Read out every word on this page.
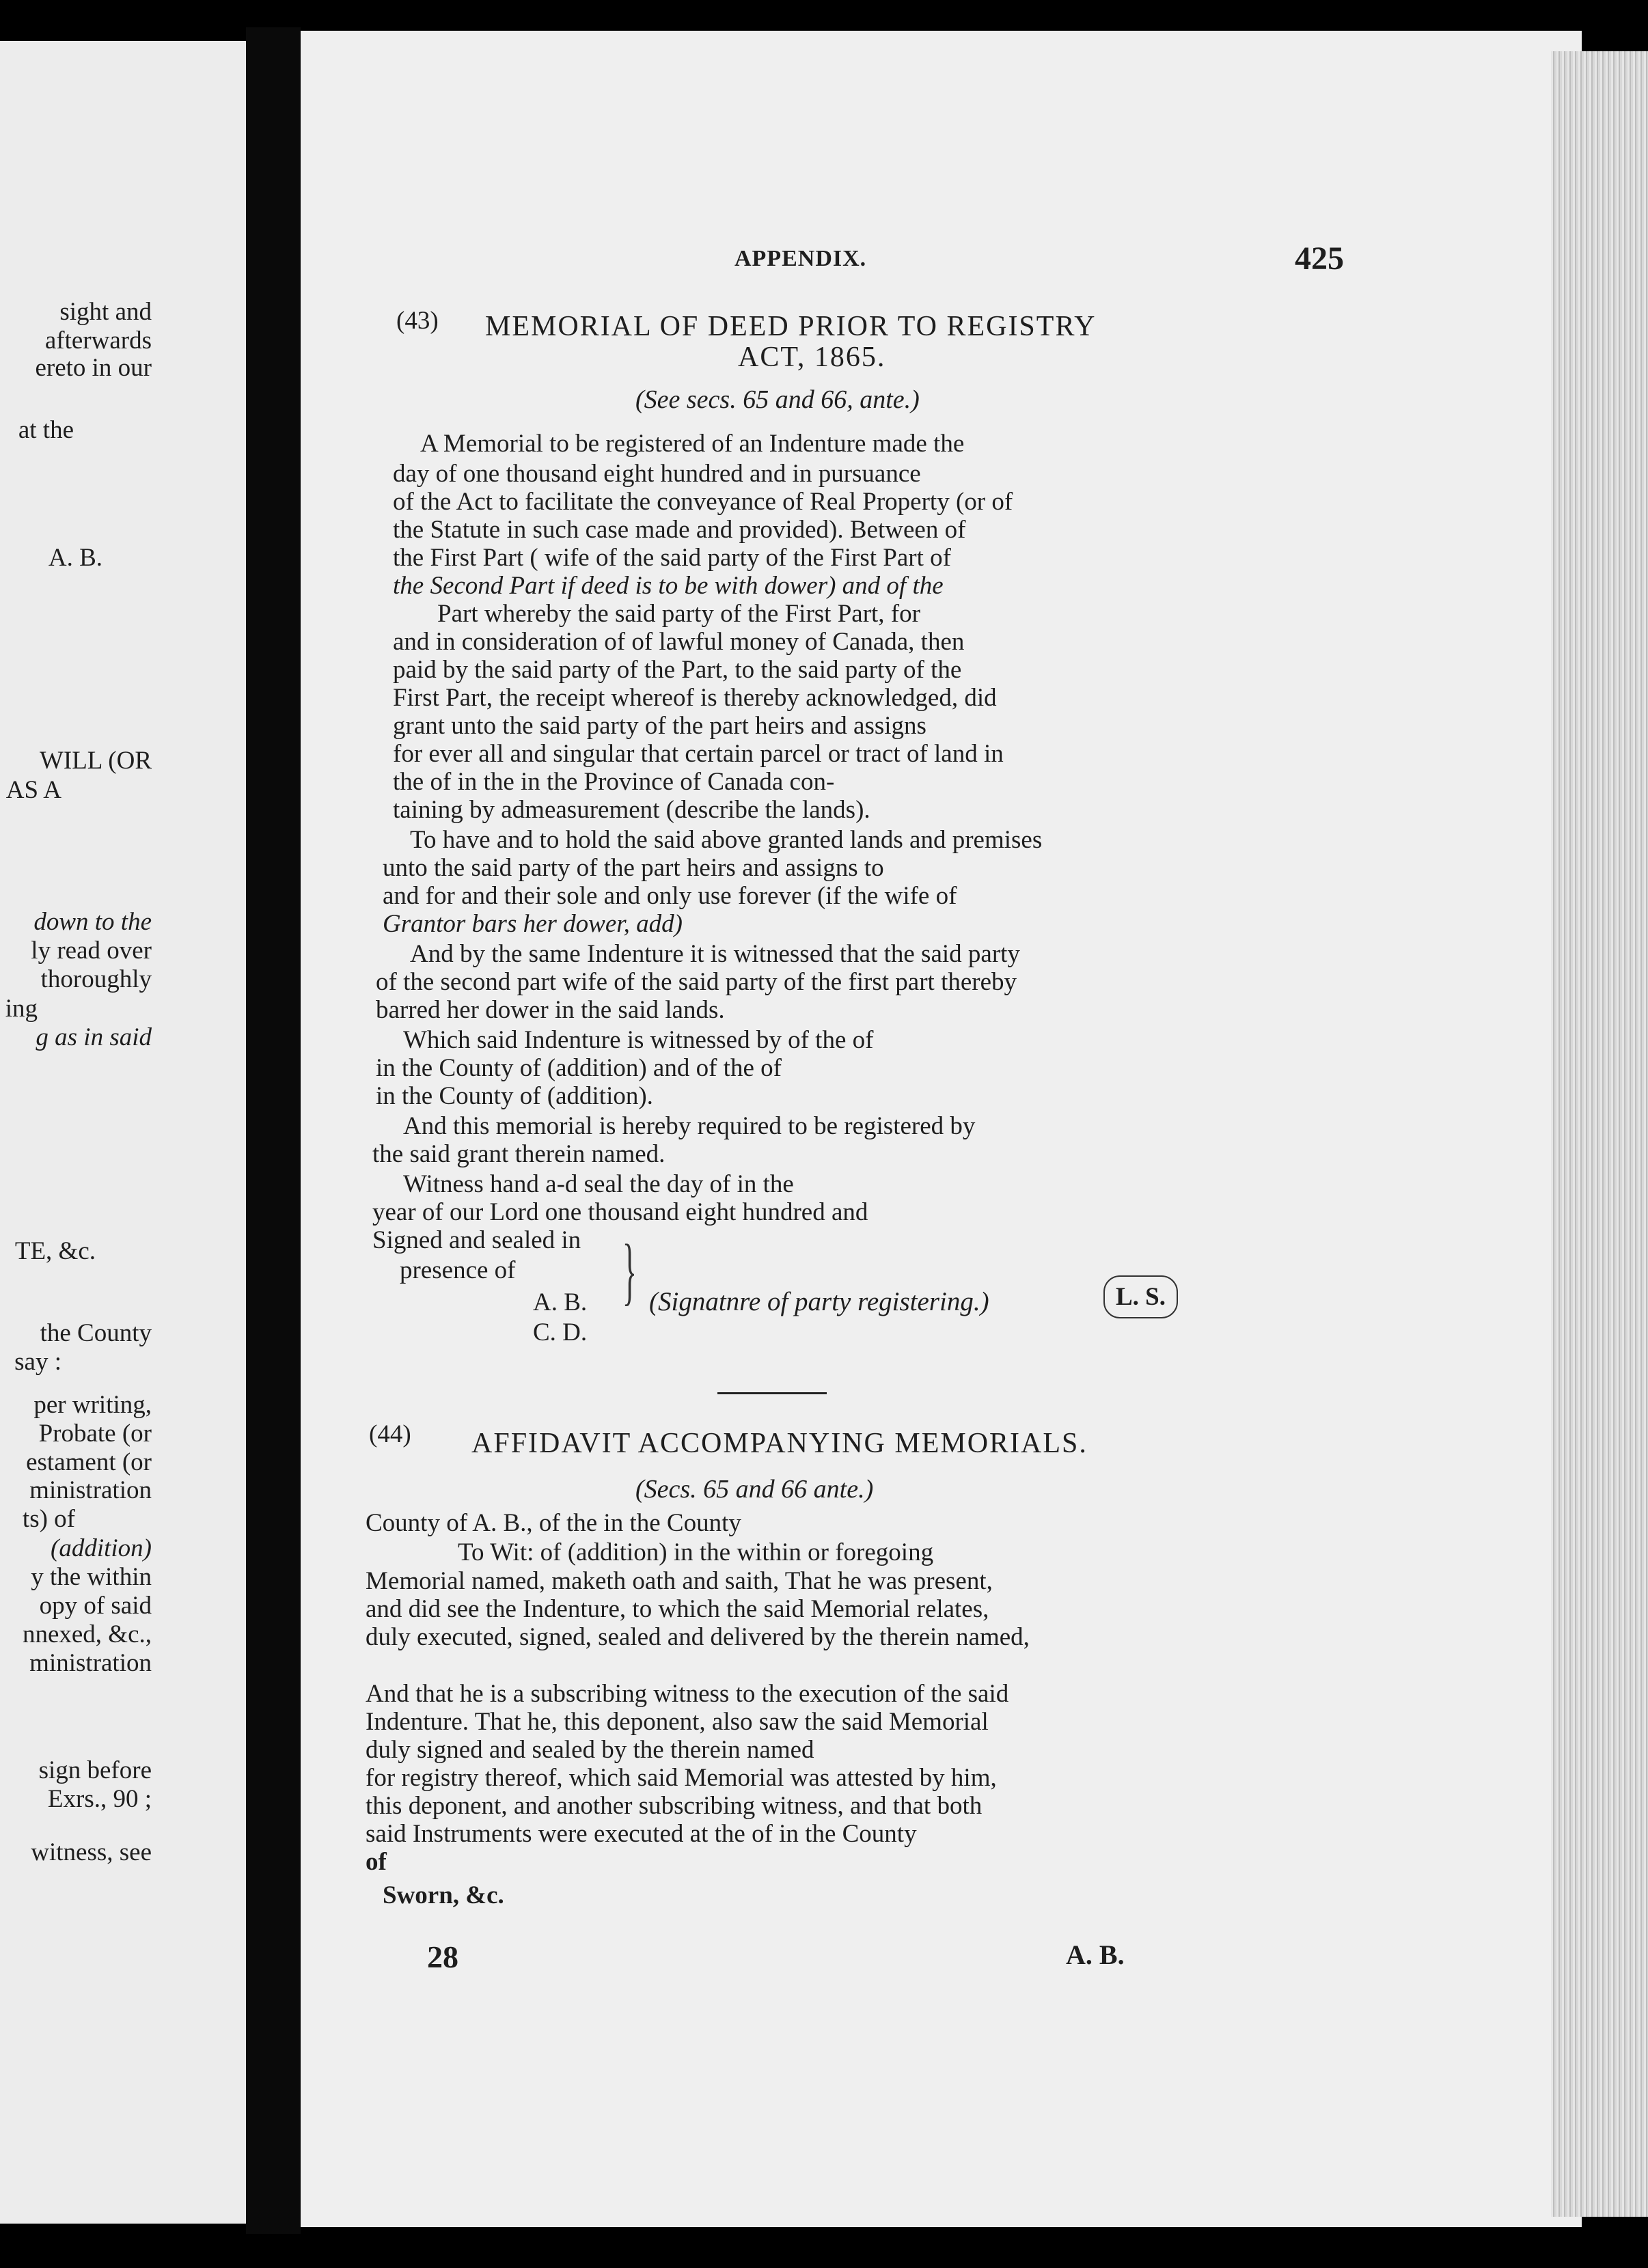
sight and
afterwards
ereto in our
at the
A. B.
WILL (OR
AS A
down to the
ly read over
thoroughly
ing
g as in said
TE, &c.
the County
say :
per writing,
Probate (or
estament (or
ministration
ts) of
(addition)
y the within
opy of said
nnexed, &c.,
ministration
sign before
Exrs., 90 ;
witness, see
APPENDIX.	425
(43) MEMORIAL OF DEED PRIOR TO REGISTRY
ACT, 1865.
(See secs. 65 and 66, ante.)
A Memorial to be registered of an Indenture made the
day of one thousand eight hundred and in pursuance
of the Act to facilitate the conveyance of Real Property (or of
the Statute in such case made and provided). Between of
the First Part ( wife of the said party of the First Part of
the Second Part if deed is to be with dower) and of the
Part whereby the said party of the First Part, for
and in consideration of of lawful money of Canada, then
paid by the said party of the Part, to the said party of the
First Part, the receipt whereof is thereby acknowledged, did
grant unto the said party of the part heirs and assigns
for ever all and singular that certain parcel or tract of land in
the of in the in the Province of Canada con-
taining by admeasurement (describe the lands).
To have and to hold the said above granted lands and premises
unto the said party of the part heirs and assigns to
and for and their sole and only use forever (if the wife of
Grantor bars her dower, add)
And by the same Indenture it is witnessed that the said party
of the second part wife of the said party of the first part thereby
barred her dower in the said lands.
Which said Indenture is witnessed by of the of
in the County of (addition) and of the of
in the County of (addition).
And this memorial is hereby required to be registered by
the said grant therein named.
Witness hand a-d seal the day of in the
year of our Lord one thousand eight hundred and
Signed and sealed in
presence of
A. B.
C. D.
} (Signatnre of party registering.)	L. S.
(44) AFFIDAVIT ACCOMPANYING MEMORIALS.
(Secs. 65 and 66 ante.)
County of A. B., of the in the County
To Wit: of (addition) in the within or foregoing
Memorial named, maketh oath and saith, That he was present,
and did see the Indenture, to which the said Memorial relates,
duly executed, signed, sealed and delivered by the therein named,
And that he is a subscribing witness to the execution of the said
Indenture. That he, this deponent, also saw the said Memorial
duly signed and sealed by the therein named
for registry thereof, which said Memorial was attested by him,
this deponent, and another subscribing witness, and that both
said Instruments were executed at the of in the County
of
Sworn, &c.
28	A. B.
